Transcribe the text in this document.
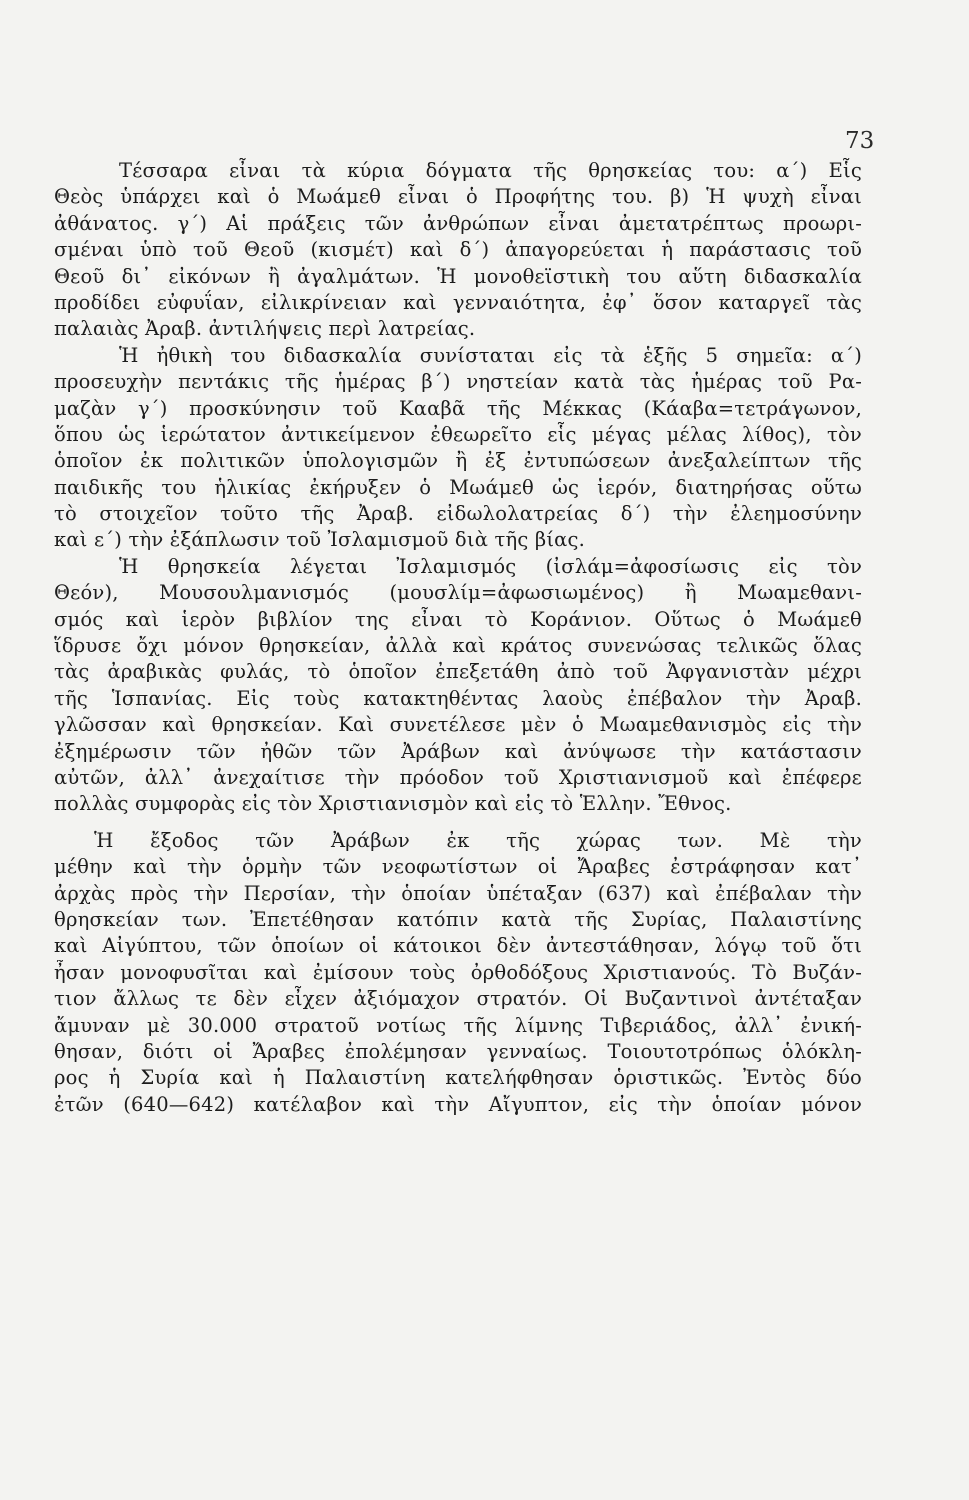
73
Τέσσαρα εἶναι τὰ κύρια δόγματα τῆς θρησκείας του: α΄) Εἷς
Θεὸς ὑπάρχει καὶ ὁ Μωάμεθ εἶναι ὁ Προφήτης του. β) Ἡ ψυχὴ εἶναι
ἀθάνατος. γ΄) Αἱ πράξεις τῶν ἀνθρώπων εἶναι ἀμετατρέπτως προωρι-
σμέναι ὑπὸ τοῦ Θεοῦ (κισμέτ) καὶ δ΄) ἀπαγορεύεται ἡ παράστασις τοῦ
Θεοῦ δι᾽ εἰκόνων ἢ ἀγαλμάτων. Ἡ μονοθεϊστικὴ του αὕτη διδασκαλία
προδίδει εὐφυΐαν, εἰλικρίνειαν καὶ γενναιότητα, ἐφ᾽ ὅσον καταργεῖ τὰς
παλαιὰς Ἀραβ. ἀντιλήψεις περὶ λατρείας.
Ἡ ἠθικὴ του διδασκαλία συνίσταται εἰς τὰ ἑξῆς 5 σημεῖα: α΄)
προσευχὴν πεντάκις τῆς ἡμέρας β΄) νηστείαν κατὰ τὰς ἡμέρας τοῦ Ρα-
μαζὰν γ΄) προσκύνησιν τοῦ Κααβᾶ τῆς Μέκκας (Κάαβα=τετράγωνον,
ὅπου ὡς ἱερώτατον ἀντικείμενον ἐθεωρεῖτο εἷς μέγας μέλας λίθος), τὸν
ὁποῖον ἐκ πολιτικῶν ὑπολογισμῶν ἢ ἐξ ἐντυπώσεων ἀνεξαλείπτων τῆς
παιδικῆς του ἡλικίας ἐκήρυξεν ὁ Μωάμεθ ὡς ἱερόν, διατηρήσας οὕτω
τὸ στοιχεῖον τοῦτο τῆς Ἀραβ. εἰδωλολατρείας δ΄) τὴν ἐλεημοσύνην
καὶ ε΄) τὴν ἐξάπλωσιν τοῦ Ἰσλαμισμοῦ διὰ τῆς βίας.
Ἡ θρησκεία λέγεται Ἰσλαμισμός (ἰσλάμ=ἀφοσίωσις εἰς τὸν
Θεόν), Μουσουλμανισμός (μουσλίμ=ἀφωσιωμένος) ἢ Μωαμεθανι-
σμός καὶ ἱερὸν βιβλίον της εἶναι τὸ Κοράνιον. Οὕτως ὁ Μωάμεθ
ἵδρυσε ὄχι μόνον θρησκείαν, ἀλλὰ καὶ κράτος συνενώσας τελικῶς ὅλας
τὰς ἀραβικὰς φυλάς, τὸ ὁποῖον ἐπεξετάθη ἀπὸ τοῦ Ἀφγανιστὰν μέχρι
τῆς Ἱσπανίας. Εἰς τοὺς κατακτηθέντας λαοὺς ἐπέβαλον τὴν Ἀραβ.
γλῶσσαν καὶ θρησκείαν. Καὶ συνετέλεσε μὲν ὁ Μωαμεθανισμὸς εἰς τὴν
ἐξημέρωσιν τῶν ἠθῶν τῶν Ἀράβων καὶ ἀνύψωσε τὴν κατάστασιν
αὐτῶν, ἀλλ᾽ ἀνεχαίτισε τὴν πρόοδον τοῦ Χριστιανισμοῦ καὶ ἐπέφερε
πολλὰς συμφορὰς εἰς τὸν Χριστιανισμὸν καὶ εἰς τὸ Ἑλλην. Ἔθνος.
Ἡ ἔξοδος τῶν Ἀράβων ἐκ τῆς χώρας των. Μὲ τὴν
μέθην καὶ τὴν ὁρμὴν τῶν νεοφωτίστων οἱ Ἄραβες ἐστράφησαν κατ᾽
ἀρχὰς πρὸς τὴν Περσίαν, τὴν ὁποίαν ὑπέταξαν (637) καὶ ἐπέβαλαν τὴν
θρησκείαν των. Ἐπετέθησαν κατόπιν κατὰ τῆς Συρίας, Παλαιστίνης
καὶ Αἰγύπτου, τῶν ὁποίων οἱ κάτοικοι δὲν ἀντεστάθησαν, λόγῳ τοῦ ὅτι
ἦσαν μονοφυσῖται καὶ ἐμίσουν τοὺς ὀρθοδόξους Χριστιανούς. Τὸ Βυζάν-
τιον ἄλλως τε δὲν εἶχεν ἀξιόμαχον στρατόν. Οἱ Βυζαντινοὶ ἀντέταξαν
ἄμυναν μὲ 30.000 στρατοῦ νοτίως τῆς λίμνης Τιβεριάδος, ἀλλ᾽ ἐνική-
θησαν, διότι οἱ Ἄραβες ἐπολέμησαν γενναίως. Τοιουτοτρόπως ὁλόκλη-
ρος ἡ Συρία καὶ ἡ Παλαιστίνη κατελήφθησαν ὁριστικῶς. Ἐντὸς δύο
ἐτῶν (640—642) κατέλαβον καὶ τὴν Αἴγυπτον, εἰς τὴν ὁποίαν μόνον
